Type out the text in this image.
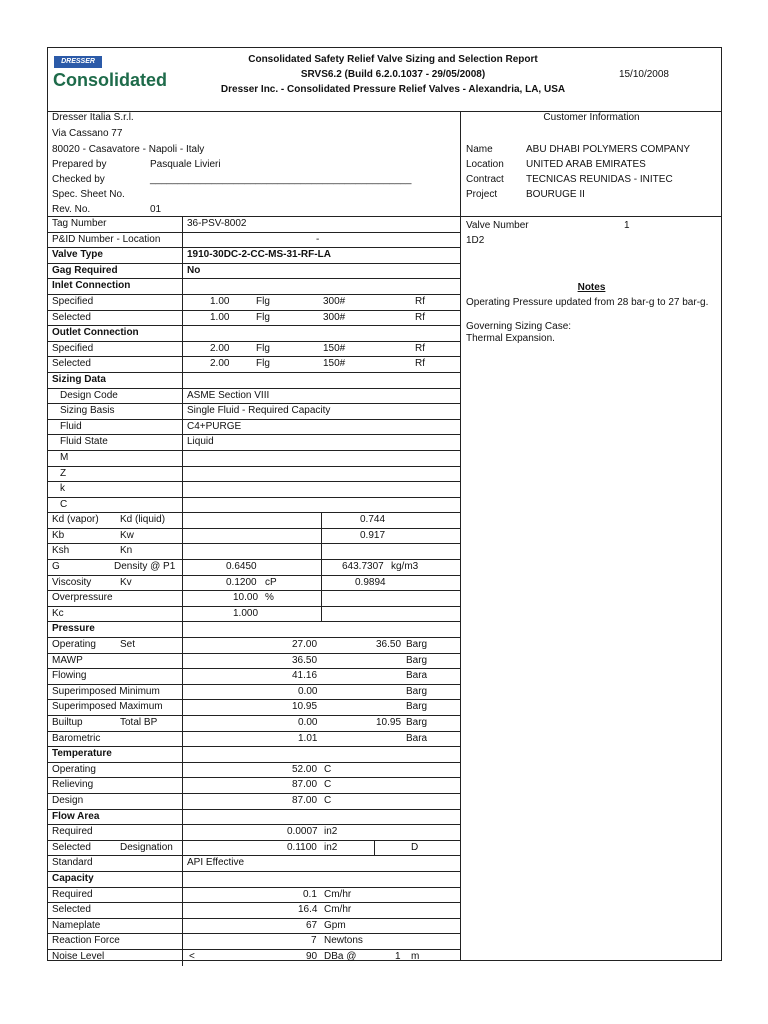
DRESSER
Consolidated
Consolidated Safety Relief Valve Sizing and Selection Report
SRVS6.2 (Build 6.2.0.1037 - 29/05/2008)
Dresser Inc. - Consolidated Pressure Relief Valves - Alexandria, LA, USA
15/10/2008
Dresser Italia S.r.l.
Via Cassano 77
80020 - Casavatore - Napoli - Italy
Prepared by	Pasquale Livieri
Checked by	_______________________________________________
Spec. Sheet No.
Rev. No.	01
Tag Number	36-PSV-8002
P&ID Number - Location	-
Valve Type	1910-30DC-2-CC-MS-31-RF-LA
Gag Required	No
Inlet Connection
Specified	1.00	Flg	300#	Rf
Selected	1.00	Flg	300#	Rf
Outlet Connection
Specified	2.00	Flg	150#	Rf
Selected	2.00	Flg	150#	Rf
Sizing Data
Design Code	ASME Section VIII
Sizing Basis	Single Fluid - Required Capacity
Fluid	C4+PURGE
Fluid State	Liquid
M
Z
k
C
Kd (vapor) Kd (liquid)	0.744
Kb	Kw	0.917
Ksh	Kn
G	Density @ P1	0.6450	643.7307 kg/m3
Viscosity	Kv	0.1200 cP	0.9894
Overpressure	10.00 %
Kc	1.000
Pressure
Operating Set	27.00	36.50 Barg
MAWP	36.50	Barg
Flowing	41.16	Bara
Superimposed Minimum	0.00	Barg
Superimposed Maximum	10.95	Barg
Builtup	Total BP	0.00	10.95 Barg
Barometric	1.01	Bara
Temperature
Operating	52.00 C
Relieving	87.00 C
Design	87.00 C
Flow Area
Required	0.0007 in2
Selected	Designation	0.1100 in2	D
Standard	API Effective
Capacity
Required	0.1 Cm/hr
Selected	16.4 Cm/hr
Nameplate	67 Gpm
Reaction Force	7 Newtons
Noise Level	<	90 DBa @	1 m
Customer Information
Name	ABU DHABI POLYMERS COMPANY
Location UNITED ARAB EMIRATES
Contract TECNICAS REUNIDAS - INITEC
Project	BOURUGE II
Valve Number	1
1D2
Notes
Operating Pressure updated from 28 bar-g to 27 bar-g.
Governing Sizing Case:
Thermal Expansion.
